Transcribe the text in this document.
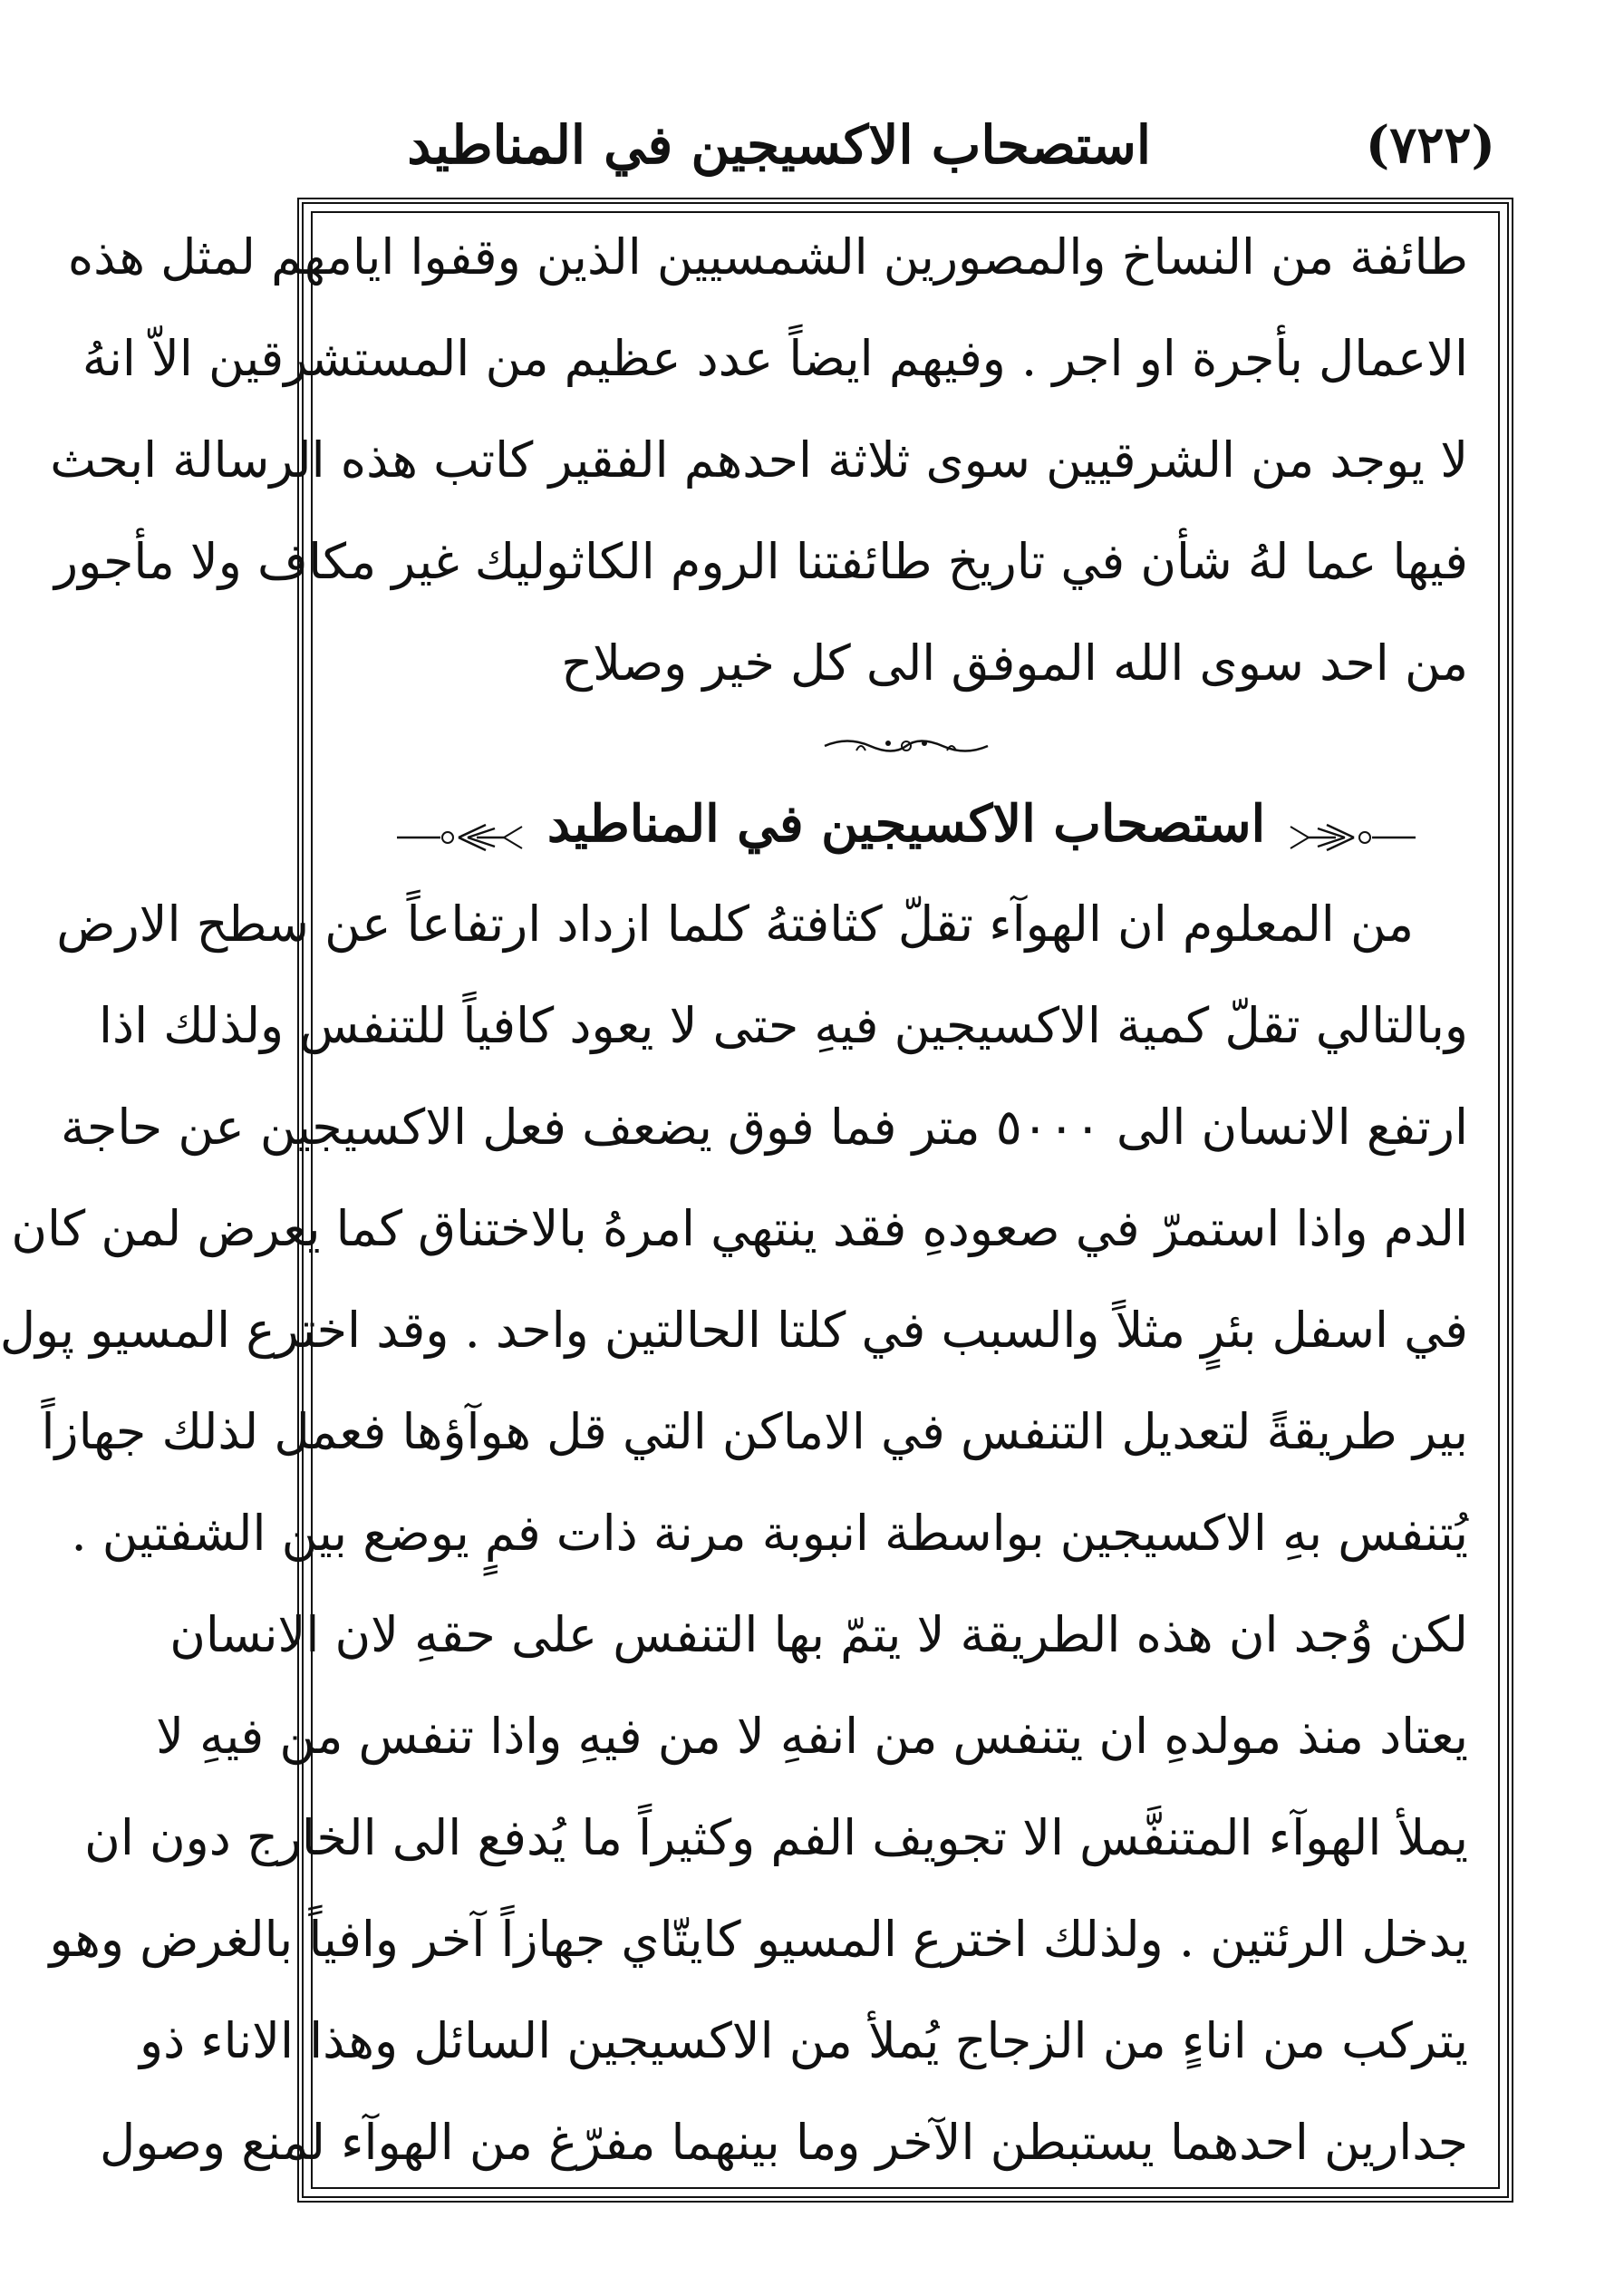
(٧٢٢)
استصحاب الاكسيجين في المناطيد
طائفة من النساخ والمصورين الشمسيين الذين وقفوا ايامهم لمثل هذه
الاعمال بأجرة او اجر . وفيهم ايضاً عدد عظيم من المستشرقين الاّ انهُ
لا يوجد من الشرقيين سوى ثلاثة احدهم الفقير كاتب هذه الرسالة ابحث
فيها عما لهُ شأن في تاريخ طائفتنا الروم الكاثوليك غير مكاف ولا مأجور
من احد سوى الله الموفق الى كل خير وصلاح
استصحاب الاكسيجين في المناطيد
من المعلوم ان الهوآء تقلّ كثافتهُ كلما ازداد ارتفاعاً عن سطح الارض
وبالتالي تقلّ كمية الاكسيجين فيهِ حتى لا يعود كافياً للتنفس ولذلك اذا
ارتفع الانسان الى ٥٠٠٠ متر فما فوق يضعف فعل الاكسيجين عن حاجة
الدم واذا استمرّ في صعودهِ فقد ينتهي امرهُ بالاختناق كما يعرض لمن كان
في اسفل بئرٍ مثلاً والسبب في كلتا الحالتين واحد . وقد اخترع المسيو پول
بير طريقةً لتعديل التنفس في الاماكن التي قل هوآؤها فعمل لذلك جهازاً
يُتنفس بهِ الاكسيجين بواسطة انبوبة مرنة ذات فمٍ يوضع بين الشفتين .
لكن وُجد ان هذه الطريقة لا يتمّ بها التنفس على حقهِ لان الانسان
يعتاد منذ مولدهِ ان يتنفس من انفهِ لا من فيهِ واذا تنفس من فيهِ لا
يملأ الهوآء المتنفَّس الا تجويف الفم وكثيراً ما يُدفع الى الخارج دون ان
يدخل الرئتين . ولذلك اخترع المسيو كايتّاي جهازاً آخر وافياً بالغرض وهو
يتركب من اناءٍ من الزجاج يُملأ من الاكسيجين السائل وهذا الاناء ذو
جدارين احدهما يستبطن الآخر وما بينهما مفرّغ من الهوآء لمنع وصول
